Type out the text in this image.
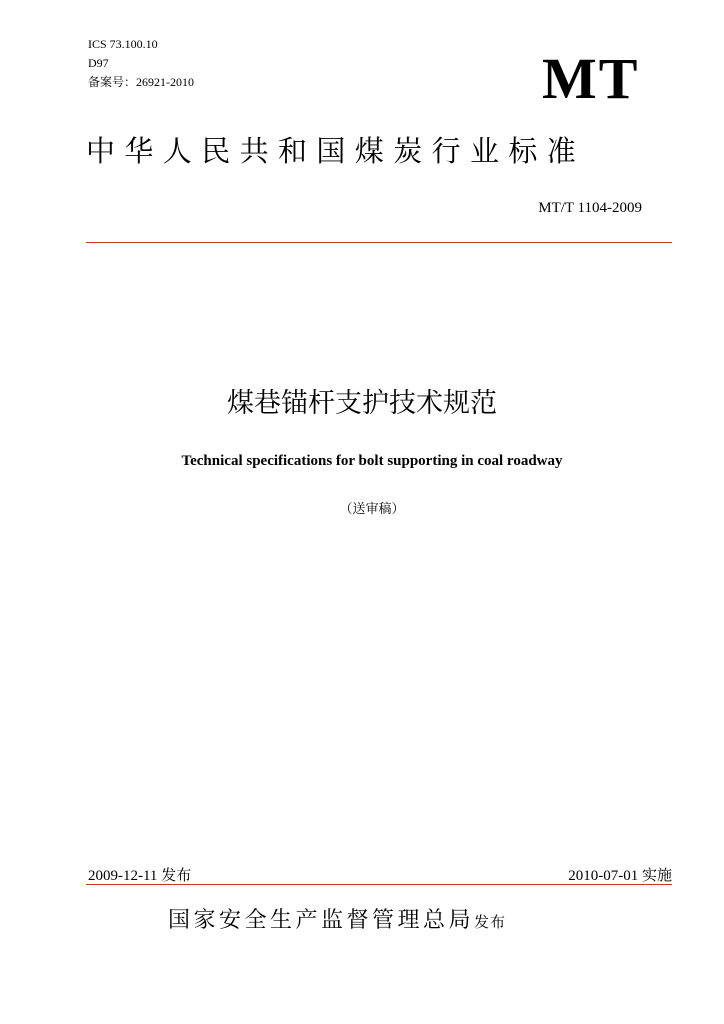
ICS 73.100.10
D97
备案号：26921-2010	MT
中华人民共和国煤炭行业标准
MT/T 1104-2009
煤巷锚杆支护技术规范
Technical specifications for bolt supporting in coal roadway
（送审稿）
2009-12-11 发布	2010-07-01 实施
国家安全生产监督管理总局发布
